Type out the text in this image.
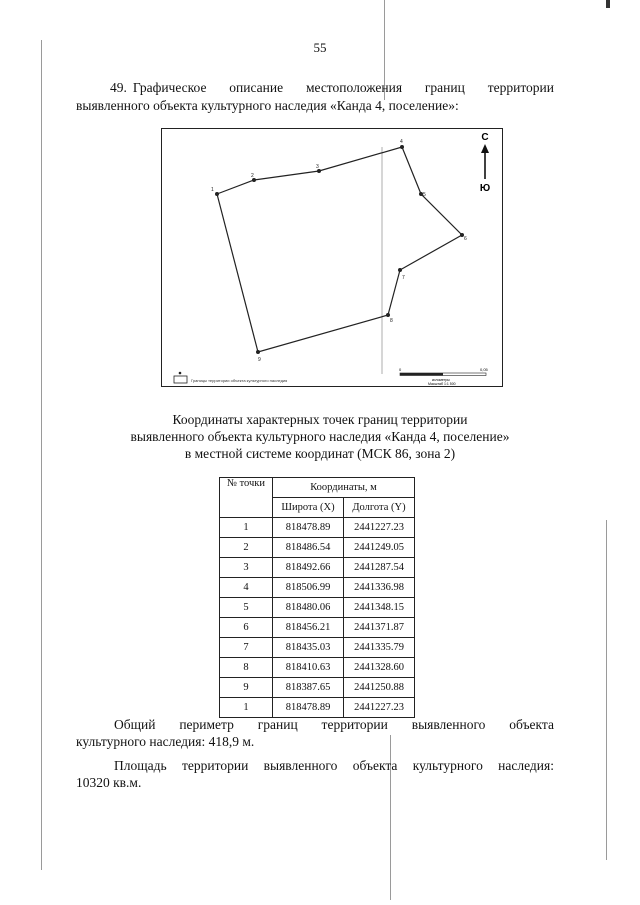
55
49. Графическое описание местоположения границ территории
выявленного объекта культурного наследия «Канда 4, поселение»:
1
2
3
4
5
6
7
8
9
С
Ю
Границы территории объекта культурного наследия
0	0,05
километры
Масштаб 1:1 500
Координаты характерных точек границ территории
выявленного объекта культурного наследия «Канда 4, поселение»
в местной системе координат (МСК 86, зона 2)
№ точки	Координаты, м	
	Широта (X)	Долгота (Y)
1	818478.89	2441227.23
2	818486.54	2441249.05
3	818492.66	2441287.54
4	818506.99	2441336.98
5	818480.06	2441348.15
6	818456.21	2441371.87
7	818435.03	2441335.79
8	818410.63	2441328.60
9	818387.65	2441250.88
1	818478.89	2441227.23
Общий периметр границ территории выявленного объекта
культурного наследия: 418,9 м.
Площадь территории выявленного объекта культурного наследия:
10320 кв.м.
